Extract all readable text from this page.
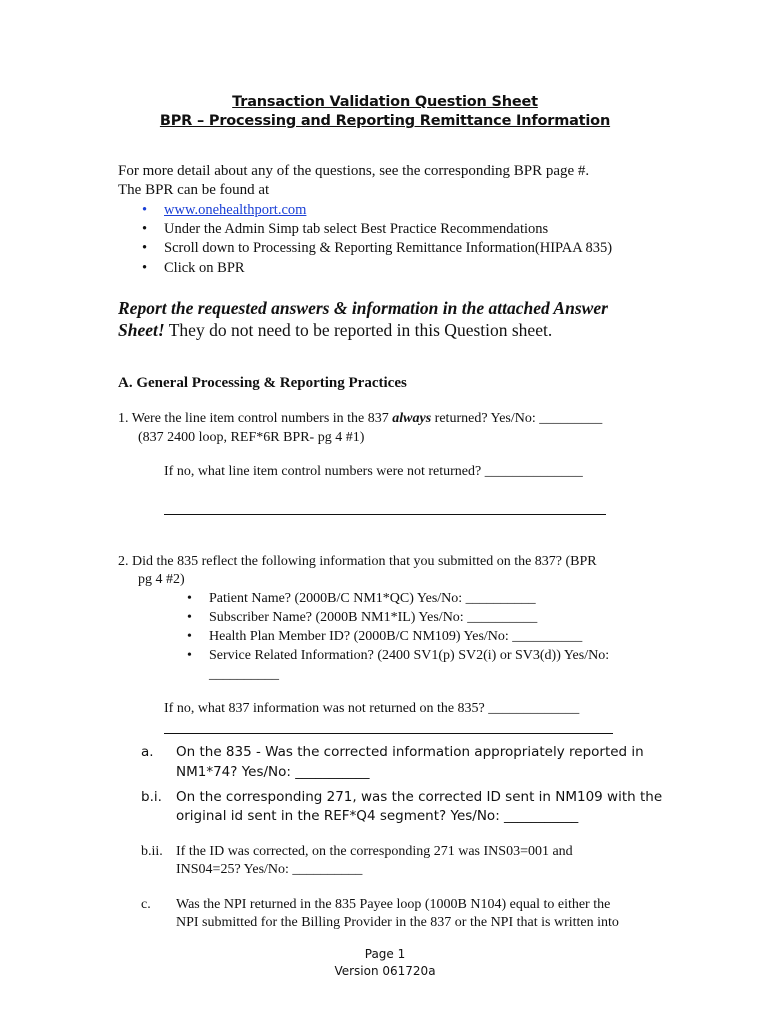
Transaction Validation Question Sheet
BPR – Processing and Reporting Remittance Information
For more detail about any of the questions, see the corresponding BPR page #.
The BPR can be found at
• www.onehealthport.com
• Under the Admin Simp tab select Best Practice Recommendations
• Scroll down to Processing & Reporting Remittance Information(HIPAA 835)
• Click on BPR
Report the requested answers & information in the attached Answer
Sheet! They do not need to be reported in this Question sheet.
A. General Processing & Reporting Practices
1. Were the line item control numbers in the 837 always returned? Yes/No: _________
(837 2400 loop, REF*6R BPR- pg 4 #1)
If no, what line item control numbers were not returned? ______________
2. Did the 835 reflect the following information that you submitted on the 837? (BPR
pg 4 #2)
• Patient Name? (2000B/C NM1*QC) Yes/No: __________
• Subscriber Name? (2000B NM1*IL) Yes/No: __________
• Health Plan Member ID? (2000B/C NM109) Yes/No: __________
• Service Related Information? (2400 SV1(p) SV2(i) or SV3(d)) Yes/No:
__________
If no, what 837 information was not returned on the 835? _____________
a. On the 835 - Was the corrected information appropriately reported in
NM1*74? Yes/No: ___________
b.i. On the corresponding 271, was the corrected ID sent in NM109 with the
original id sent in the REF*Q4 segment? Yes/No: ___________
b.ii. If the ID was corrected, on the corresponding 271 was INS03=001 and
INS04=25? Yes/No: __________
c. Was the NPI returned in the 835 Payee loop (1000B N104) equal to either the
NPI submitted for the Billing Provider in the 837 or the NPI that is written into
Page 1
Version 061720a
